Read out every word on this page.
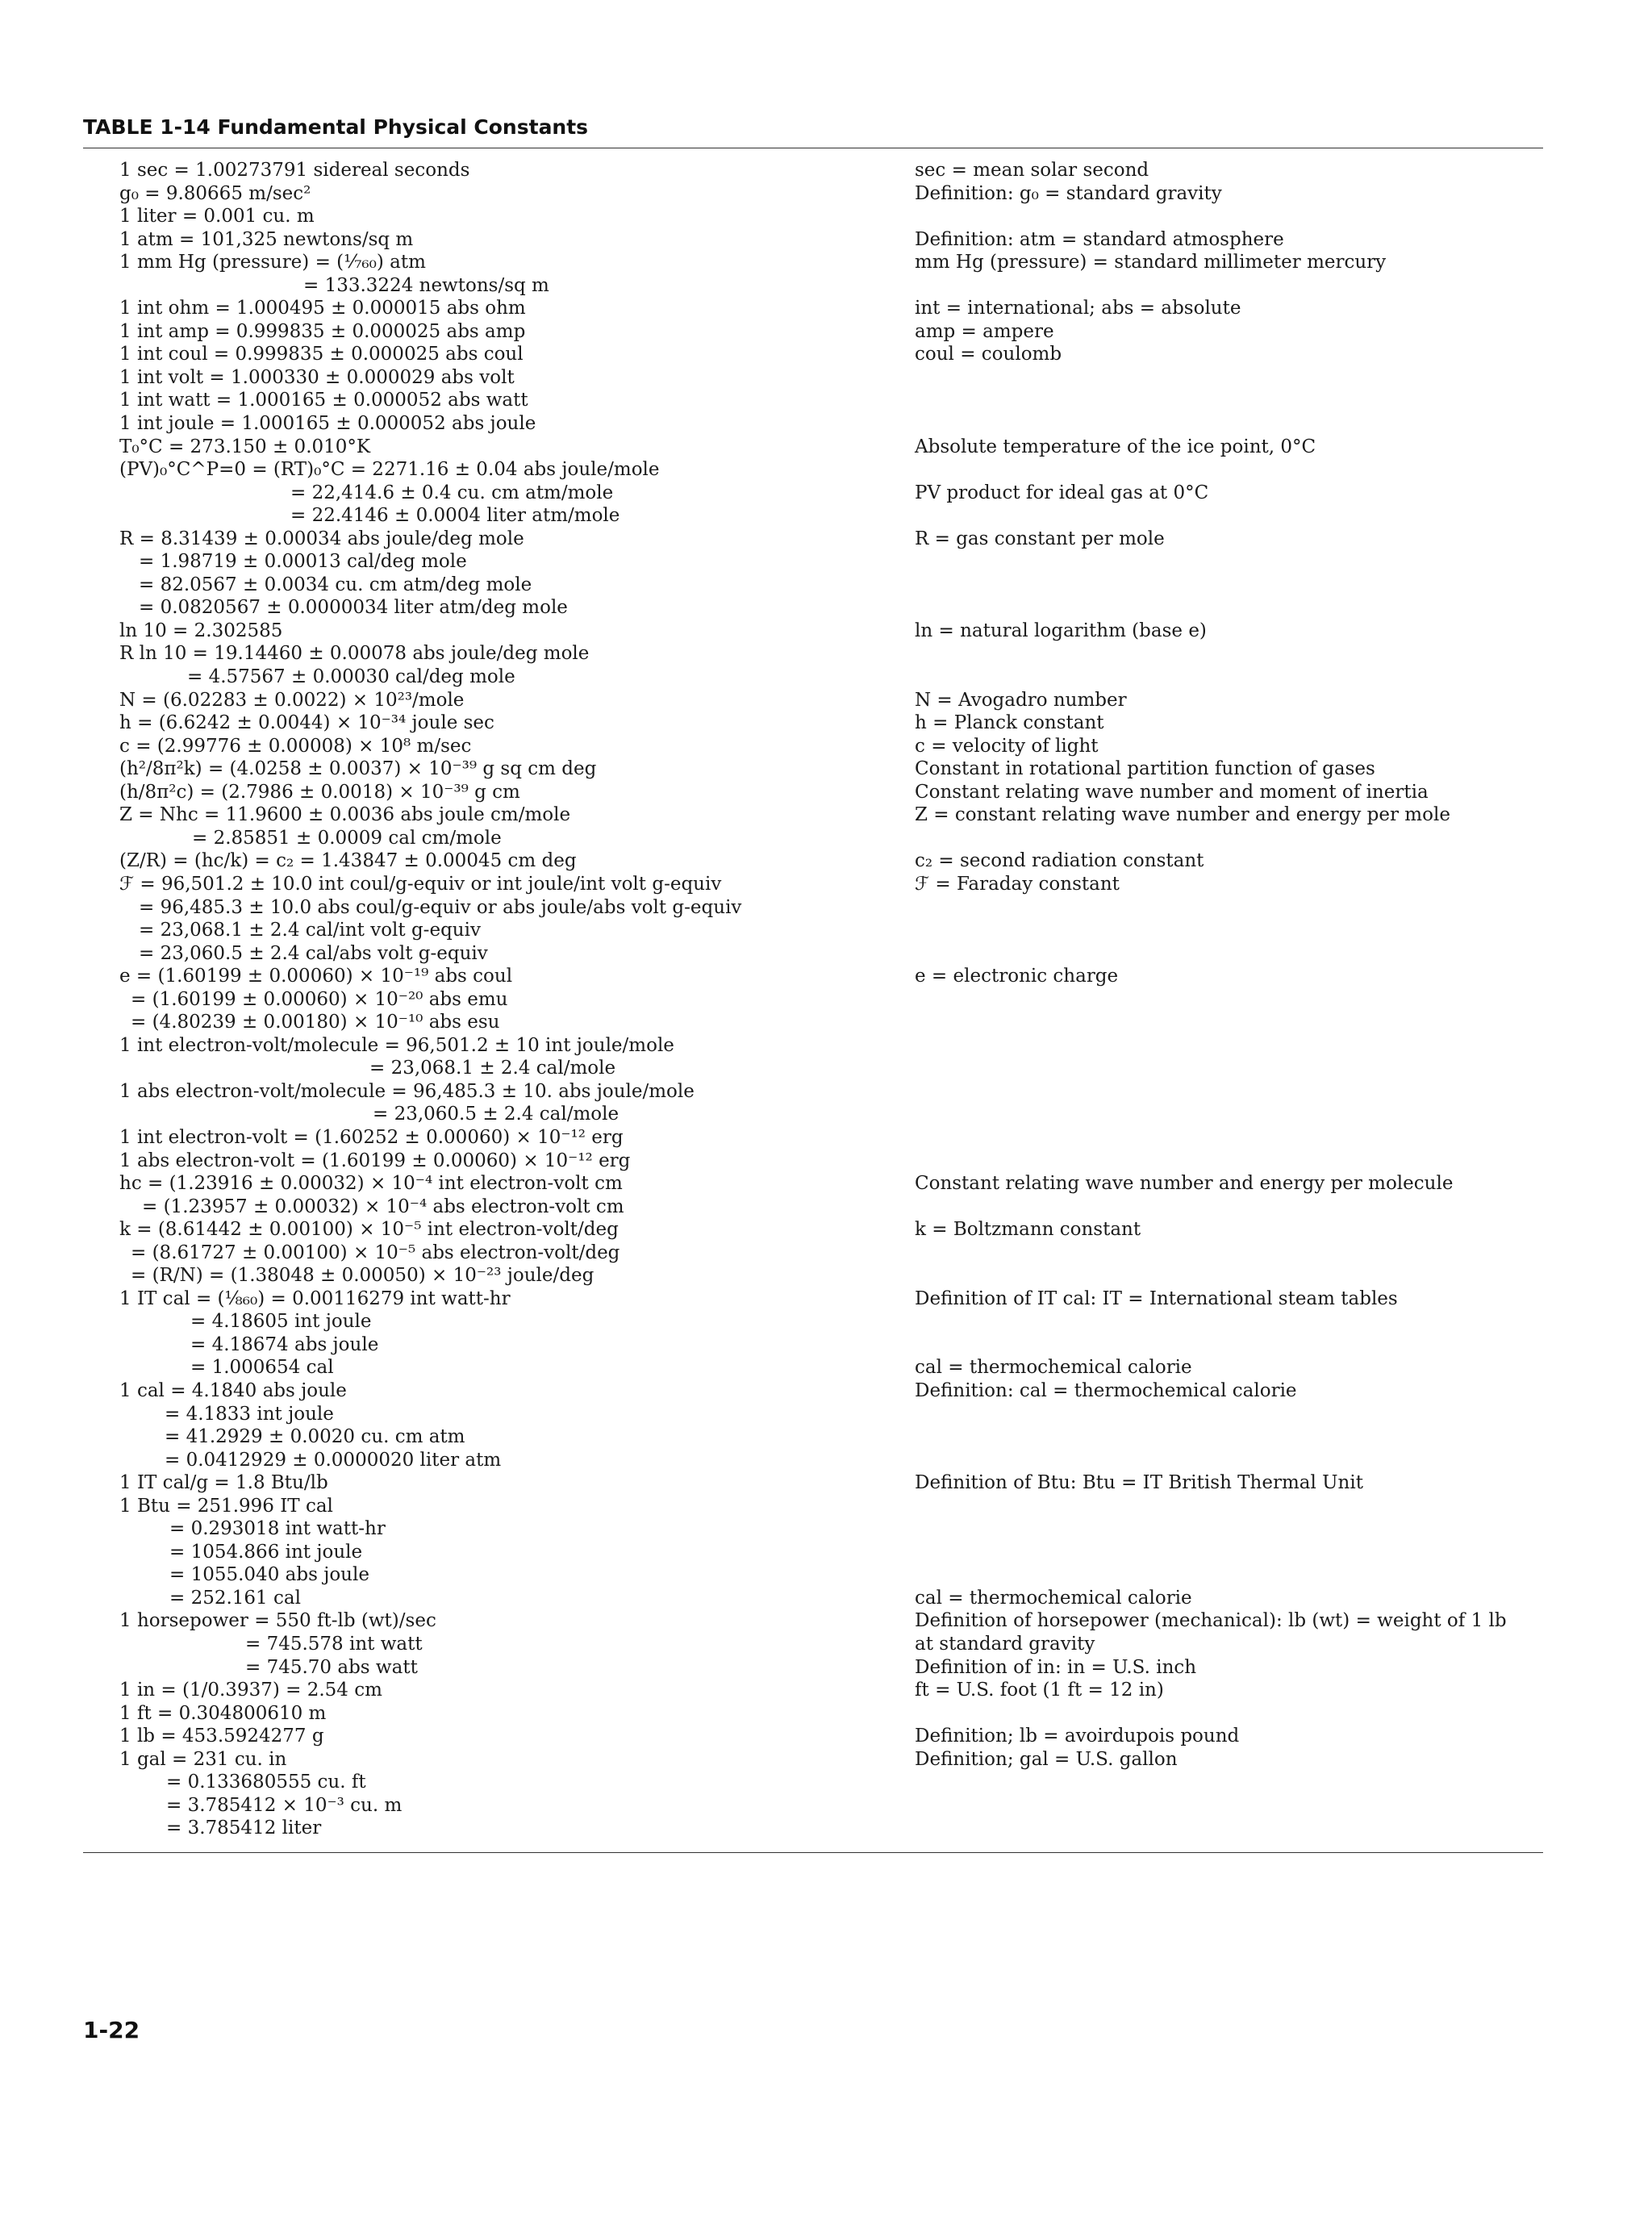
TABLE 1-14 Fundamental Physical Constants
1 sec = 1.00273791 sidereal seconds	sec = mean solar second
g₀ = 9.80665 m/sec²	Definition: g₀ = standard gravity
1 liter = 0.001 cu. m
1 atm = 101,325 newtons/sq m	Definition: atm = standard atmosphere
1 mm Hg (pressure) = (¹⁄₇₆₀) atm	mm Hg (pressure) = standard millimeter mercury
= 133.3224 newtons/sq m
1 int ohm = 1.000495 ± 0.000015 abs ohm	int = international; abs = absolute
1 int amp = 0.999835 ± 0.000025 abs amp	amp = ampere
1 int coul = 0.999835 ± 0.000025 abs coul	coul = coulomb
1 int volt = 1.000330 ± 0.000029 abs volt
1 int watt = 1.000165 ± 0.000052 abs watt
1 int joule = 1.000165 ± 0.000052 abs joule
T₀°C = 273.150 ± 0.010°K	Absolute temperature of the ice point, 0°C
(PV)₀°C^P=0 = (RT)₀°C = 2271.16 ± 0.04 abs joule/mole
= 22,414.6 ± 0.4 cu. cm atm/mole	PV product for ideal gas at 0°C
= 22.4146 ± 0.0004 liter atm/mole
R = 8.31439 ± 0.00034 abs joule/deg mole	R = gas constant per mole
= 1.98719 ± 0.00013 cal/deg mole
= 82.0567 ± 0.0034 cu. cm atm/deg mole
= 0.0820567 ± 0.0000034 liter atm/deg mole
ln 10 = 2.302585	ln = natural logarithm (base e)
R ln 10 = 19.14460 ± 0.00078 abs joule/deg mole
= 4.57567 ± 0.00030 cal/deg mole
N = (6.02283 ± 0.0022) × 10²³/mole	N = Avogadro number
h = (6.6242 ± 0.0044) × 10⁻³⁴ joule sec	h = Planck constant
c = (2.99776 ± 0.00008) × 10⁸ m/sec	c = velocity of light
(h²/8π²k) = (4.0258 ± 0.0037) × 10⁻³⁹ g sq cm deg	Constant in rotational partition function of gases
(h/8π²c) = (2.7986 ± 0.0018) × 10⁻³⁹ g cm	Constant relating wave number and moment of inertia
Z = Nhc = 11.9600 ± 0.0036 abs joule cm/mole	Z = constant relating wave number and energy per mole
= 2.85851 ± 0.0009 cal cm/mole
(Z/R) = (hc/k) = c₂ = 1.43847 ± 0.00045 cm deg	c₂ = second radiation constant
ℱ = 96,501.2 ± 10.0 int coul/g-equiv or int joule/int volt g-equiv	ℱ = Faraday constant
= 96,485.3 ± 10.0 abs coul/g-equiv or abs joule/abs volt g-equiv
= 23,068.1 ± 2.4 cal/int volt g-equiv
= 23,060.5 ± 2.4 cal/abs volt g-equiv
e = (1.60199 ± 0.00060) × 10⁻¹⁹ abs coul	e = electronic charge
= (1.60199 ± 0.00060) × 10⁻²⁰ abs emu
= (4.80239 ± 0.00180) × 10⁻¹⁰ abs esu
1 int electron-volt/molecule = 96,501.2 ± 10 int joule/mole
= 23,068.1 ± 2.4 cal/mole
1 abs electron-volt/molecule = 96,485.3 ± 10. abs joule/mole
= 23,060.5 ± 2.4 cal/mole
1 int electron-volt = (1.60252 ± 0.00060) × 10⁻¹² erg
1 abs electron-volt = (1.60199 ± 0.00060) × 10⁻¹² erg
hc = (1.23916 ± 0.00032) × 10⁻⁴ int electron-volt cm	Constant relating wave number and energy per molecule
= (1.23957 ± 0.00032) × 10⁻⁴ abs electron-volt cm
k = (8.61442 ± 0.00100) × 10⁻⁵ int electron-volt/deg	k = Boltzmann constant
= (8.61727 ± 0.00100) × 10⁻⁵ abs electron-volt/deg
= (R/N) = (1.38048 ± 0.00050) × 10⁻²³ joule/deg
1 IT cal = (¹⁄₈₆₀) = 0.00116279 int watt-hr	Definition of IT cal: IT = International steam tables
= 4.18605 int joule
= 4.18674 abs joule
= 1.000654 cal	cal = thermochemical calorie
1 cal = 4.1840 abs joule	Definition: cal = thermochemical calorie
= 4.1833 int joule
= 41.2929 ± 0.0020 cu. cm atm
= 0.0412929 ± 0.0000020 liter atm
1 IT cal/g = 1.8 Btu/lb	Definition of Btu: Btu = IT British Thermal Unit
1 Btu = 251.996 IT cal
= 0.293018 int watt-hr
= 1054.866 int joule
= 1055.040 abs joule
= 252.161 cal	cal = thermochemical calorie
1 horsepower = 550 ft-lb (wt)/sec	Definition of horsepower (mechanical): lb (wt) = weight of 1 lb
= 745.578 int watt	at standard gravity
= 745.70 abs watt	Definition of in: in = U.S. inch
1 in = (1/0.3937) = 2.54 cm	ft = U.S. foot (1 ft = 12 in)
1 ft = 0.304800610 m
1 lb = 453.5924277 g	Definition; lb = avoirdupois pound
1 gal = 231 cu. in	Definition; gal = U.S. gallon
= 0.133680555 cu. ft
= 3.785412 × 10⁻³ cu. m
= 3.785412 liter
1-22
